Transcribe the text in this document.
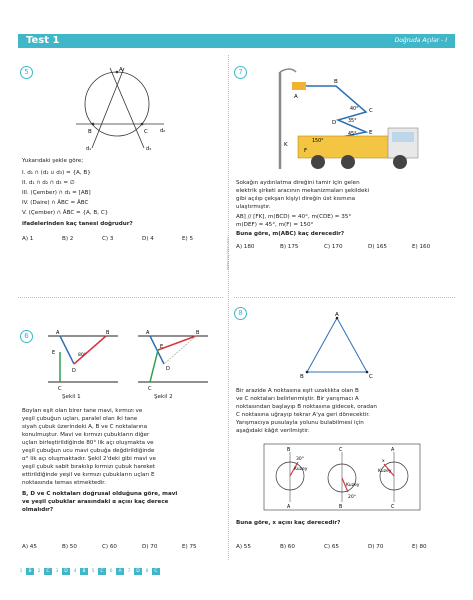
Test 1	Doğruda Açılar - I
www.yayinevi.com
5	A
B	C
d₁
d₂
d₃
Yukarıdaki şekle göre;
I. d₁ ∩ (d₂ ∪ d₃) = {A, B}
II. d₁ ∩ d₂ ∩ d₃ = ∅
III. (Çember) ∩ d₁ = [AB]
IV. (Daire) ∩ ÂBC = ÂBC
V. (Çember) ∩ ÂBC = {A, B, C}
ifadelerinden kaç tanesi doğrudur?
A) 1	B) 2	C) 3	D) 4	E) 5
7
A
B
C
D
E
F
K
40°
35°
45°
150°
Sokağın aydınlatma direğini tamir için gelen
elektrik şirketi aracının mekanizmaları şekildeki
gibi açılıp çekşan kişiyi direğin üst kısmına
ulaştırmıştır.
AB] // [FK], m(BCD) = 40°, m(CDE) = 35°
m(DEF) = 45°, m(F) = 150°
Buna göre, m(ABC) kaç derecedir?
A) 180	B) 175	C) 170	D) 165	E) 160
6	A	B
C
D
E	80°
Şekil 1
A	B
C
D
E
Şekil 2
Boyları eşit olan birer tane mavi, kırmızı ve
yeşil çubuğun uçları, paralel olan iki tane
siyah çubuk üzerindeki A, B ve C noktalarına
konulmuştur. Mavi ve kırmızı çubukların diğer
uçları birleştirildiğinde 80° lik açı oluşmakta ve
yeşil çubuğun ucu mavi çubuğa değdirildiğinde
α° lik açı oluşmaktadır. Şekil 2'deki gibi mavi ve
yeşil çubuk sabit bırakılıp kırmızı çubuk hareket
ettirildiğinde yeşil ve kırmızı çubukların uçları E
noktasında temas etmektedir.
B, D ve C noktaları doğrusal olduğuna göre, mavi
ve yeşil çubuklar arasındaki α açısı kaç derece
olmalıdır?
A) 45	B) 50	C) 60	D) 70	E) 75
8	A
B	C
Bir arazide A noktasına eşit uzaklıkta olan B
ve C noktaları belirlenmiştir. Bir yarışmacı A
noktasından başlayıp B noktasına gidecek, oradan
C noktasına uğrayıp tekrar A'ya geri dönecektir.
Yarışmacıya pusulayla yolunu bulabilmesi için
aşağıdaki kâğıt verilmiştir.
B	C	A
A	B	C
30°
Kuzey
Kuzey
20°
x
Kuzey
Buna göre, x açısı kaç derecedir?
A) 55	B) 60	C) 65	D) 70	E) 80
1	B	2	C	3	D	4	B	5	C	6	A	7	D	8	C
